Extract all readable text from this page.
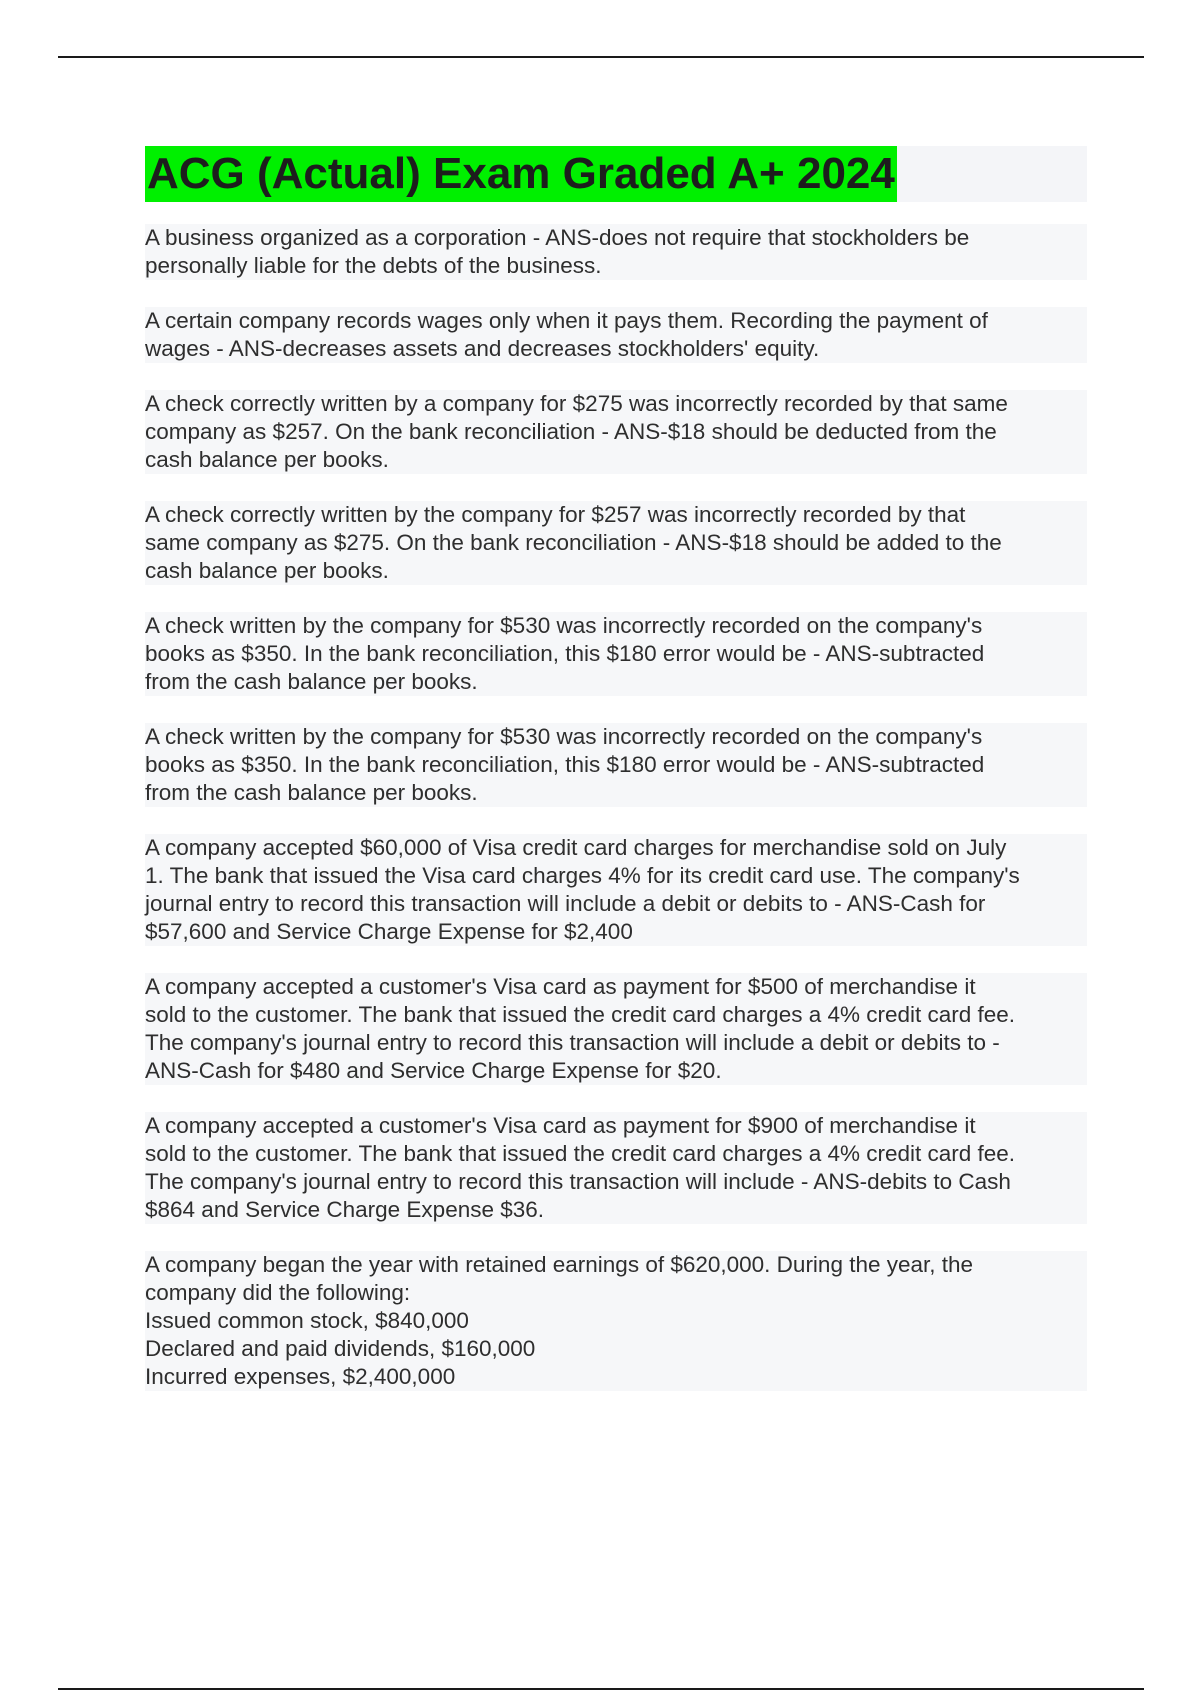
ACG (Actual) Exam Graded A+ 2024
A business organized as a corporation - ANS-does not require that stockholders be
personally liable for the debts of the business.
A certain company records wages only when it pays them. Recording the payment of
wages - ANS-decreases assets and decreases stockholders' equity.
A check correctly written by a company for $275 was incorrectly recorded by that same
company as $257. On the bank reconciliation - ANS-$18 should be deducted from the
cash balance per books.
A check correctly written by the company for $257 was incorrectly recorded by that
same company as $275. On the bank reconciliation - ANS-$18 should be added to the
cash balance per books.
A check written by the company for $530 was incorrectly recorded on the company's
books as $350. In the bank reconciliation, this $180 error would be - ANS-subtracted
from the cash balance per books.
A check written by the company for $530 was incorrectly recorded on the company's
books as $350. In the bank reconciliation, this $180 error would be - ANS-subtracted
from the cash balance per books.
A company accepted $60,000 of Visa credit card charges for merchandise sold on July
1. The bank that issued the Visa card charges 4% for its credit card use. The company's
journal entry to record this transaction will include a debit or debits to - ANS-Cash for
$57,600 and Service Charge Expense for $2,400
A company accepted a customer's Visa card as payment for $500 of merchandise it
sold to the customer. The bank that issued the credit card charges a 4% credit card fee.
The company's journal entry to record this transaction will include a debit or debits to -
ANS-Cash for $480 and Service Charge Expense for $20.
A company accepted a customer's Visa card as payment for $900 of merchandise it
sold to the customer. The bank that issued the credit card charges a 4% credit card fee.
The company's journal entry to record this transaction will include - ANS-debits to Cash
$864 and Service Charge Expense $36.
A company began the year with retained earnings of $620,000. During the year, the
company did the following:
Issued common stock, $840,000
Declared and paid dividends, $160,000
Incurred expenses, $2,400,000
